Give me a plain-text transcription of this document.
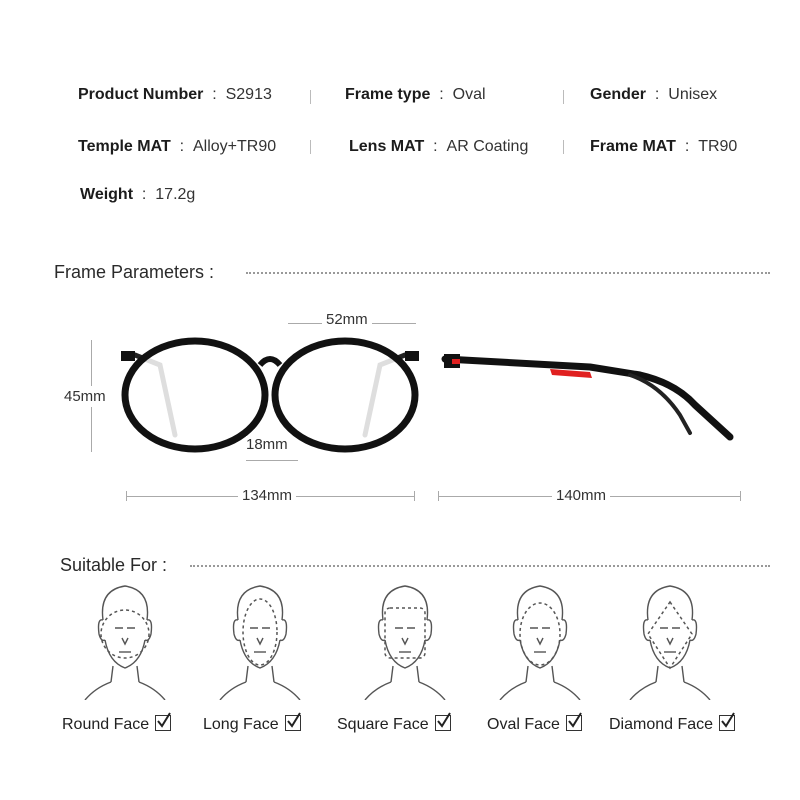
Product Number  :  S2913	Frame type  :  Oval	Gender  :  Unisex
Temple MAT  :  Alloy+TR90	Lens MAT  :  AR Coating	Frame MAT  :  TR90
Weight  :  17.2g
Frame Parameters :
52mm
45mm
18mm
134mm	140mm
Suitable For :
Round Face	Long Face	Square Face	Oval Face	Diamond Face
